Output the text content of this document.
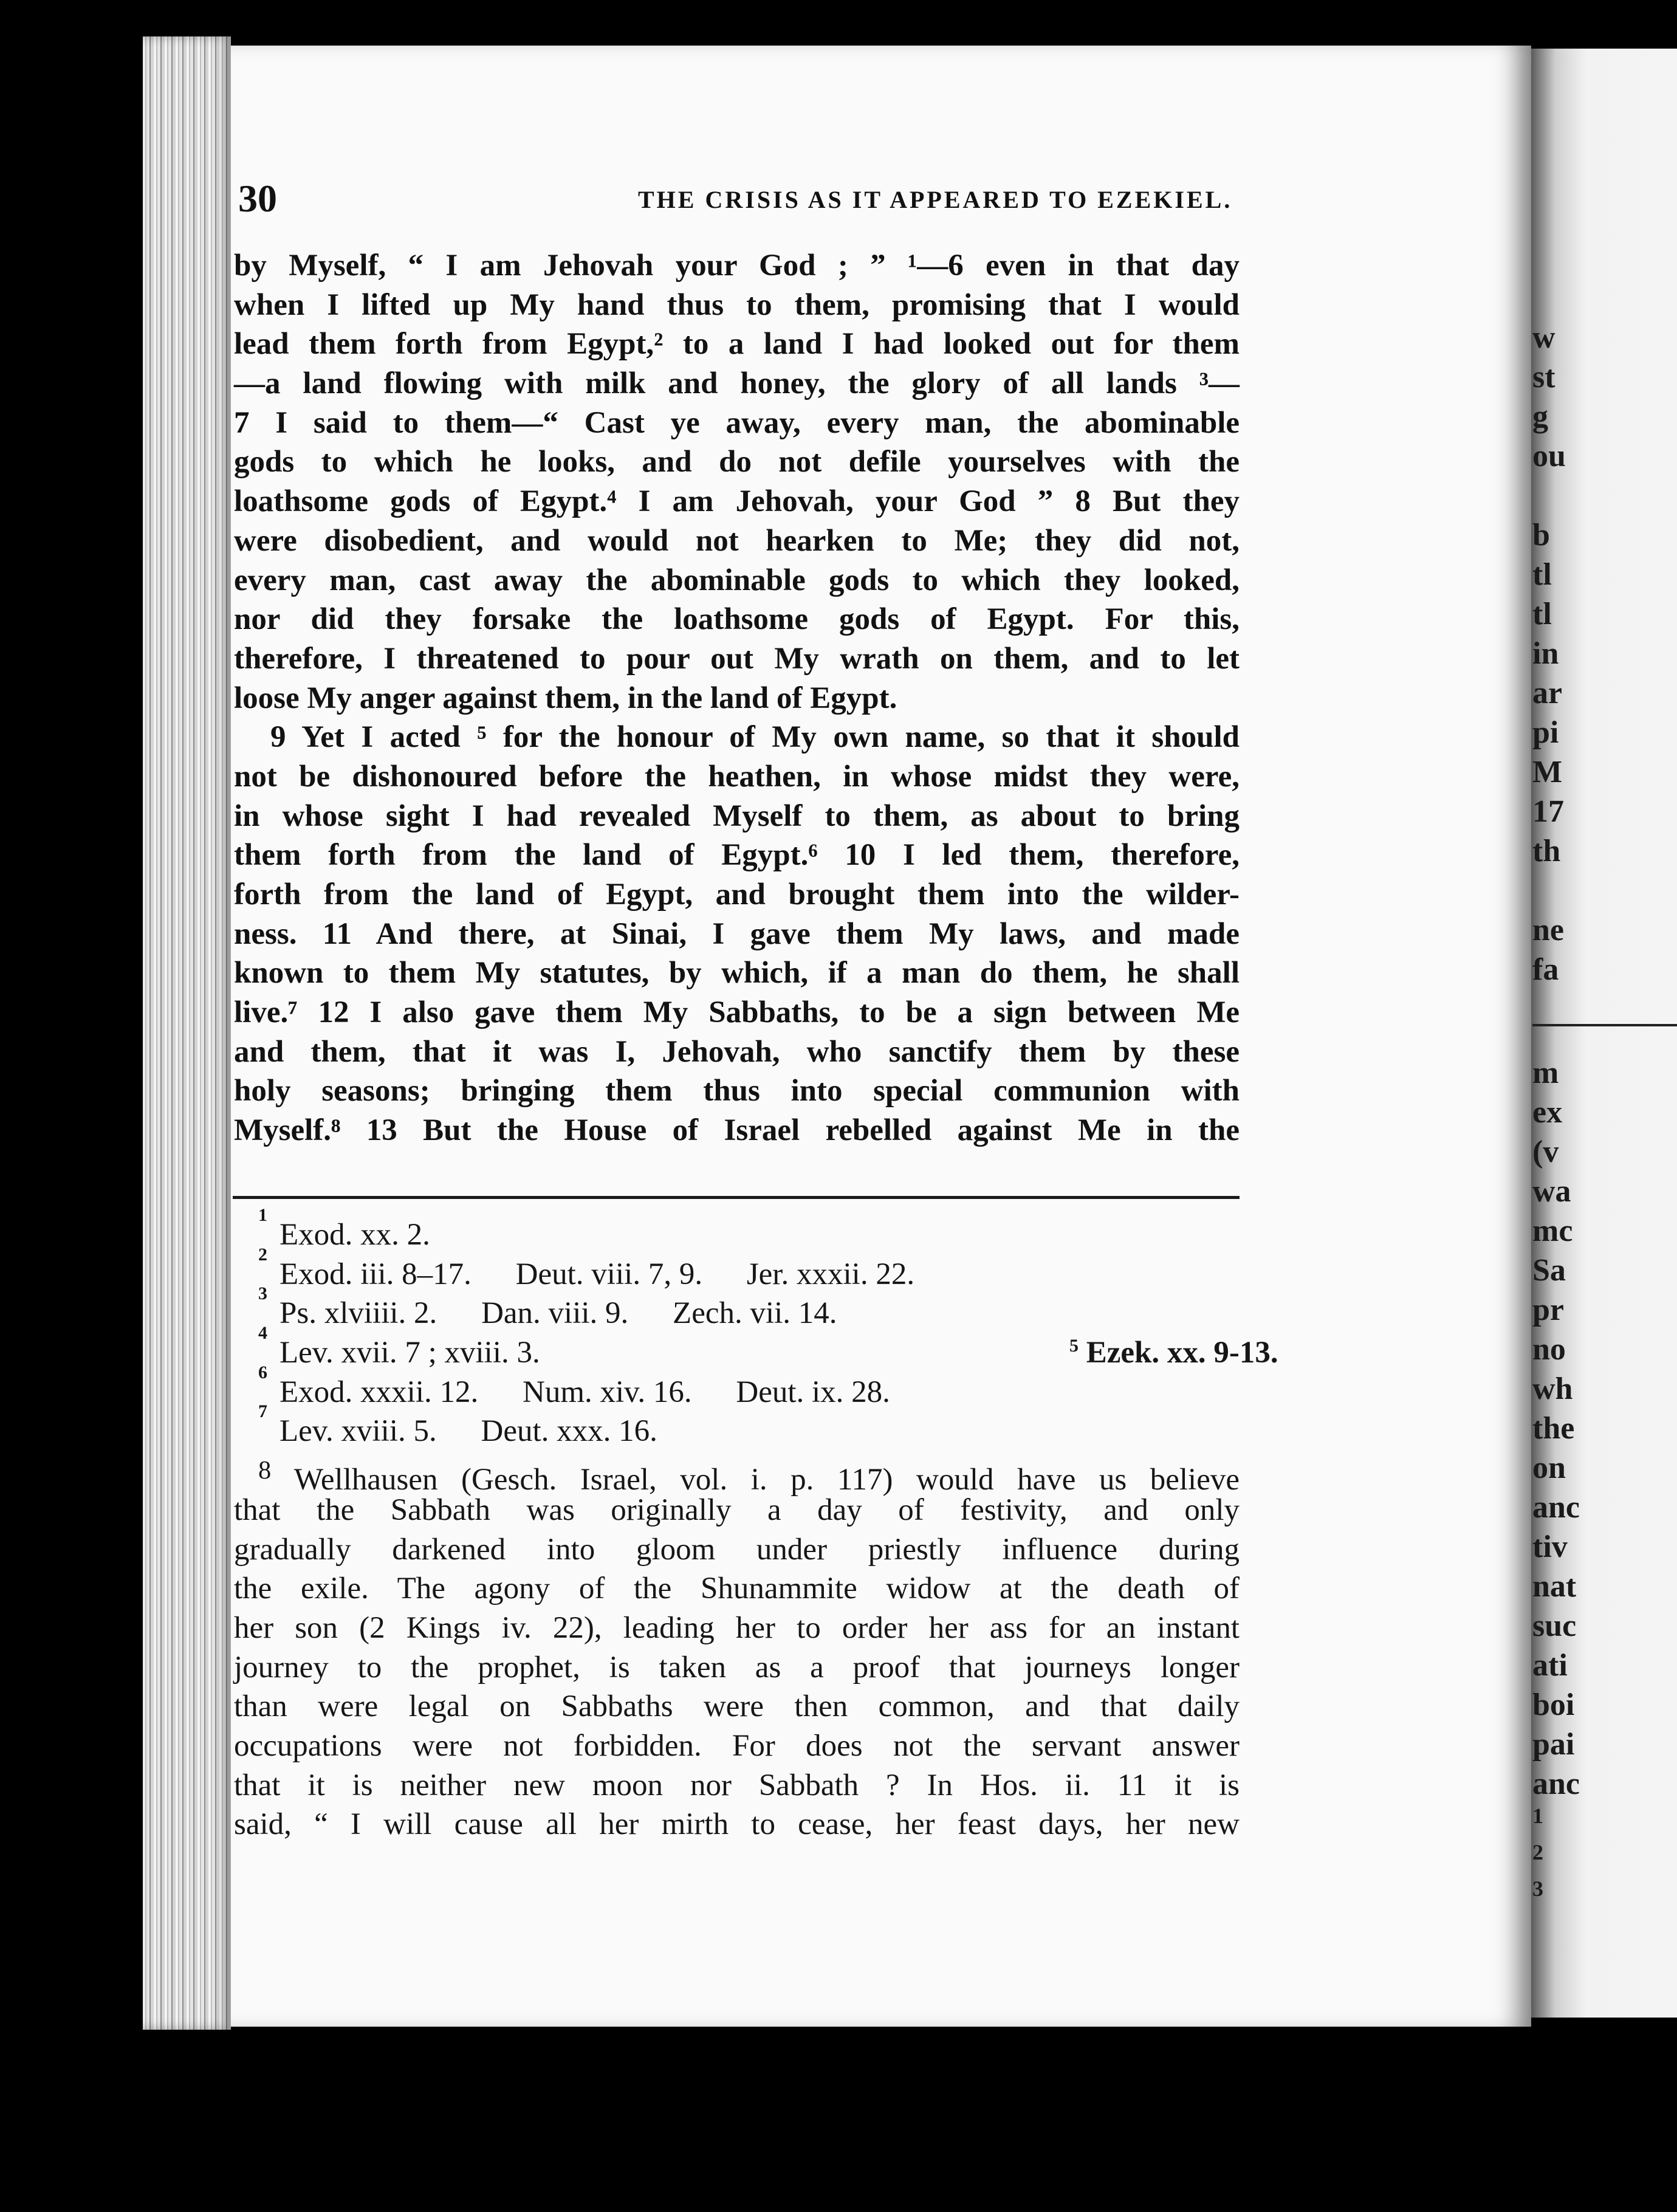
w
st
g
ou
b
tl
tl
in
ar
pi
M
17
th
ne
fa
m
ex
(v
wa
mc
Sa
pr
no
wh
the
on
anc
tiv
nat
suc
ati
boi
pai
anc
1
2
3
30	THE CRISIS AS IT APPEARED TO EZEKIEL.
by Myself, “ I am Jehovah your God ; ” ¹—6 even in that day
when I lifted up My hand thus to them, promising that I would
lead them forth from Egypt,² to a land I had looked out for them
—a land flowing with milk and honey, the glory of all lands ³—
7 I said to them—“ Cast ye away, every man, the abominable
gods to which he looks, and do not defile yourselves with the
loathsome gods of Egypt.⁴ I am Jehovah, your God ” 8 But they
were disobedient, and would not hearken to Me; they did not,
every man, cast away the abominable gods to which they looked,
nor did they forsake the loathsome gods of Egypt. For this,
therefore, I threatened to pour out My wrath on them, and to let
loose My anger against them, in the land of Egypt.
9 Yet I acted ⁵ for the honour of My own name, so that it should
not be dishonoured before the heathen, in whose midst they were,
in whose sight I had revealed Myself to them, as about to bring
them forth from the land of Egypt.⁶ 10 I led them, therefore,
forth from the land of Egypt, and brought them into the wilder-
ness. 11 And there, at Sinai, I gave them My laws, and made
known to them My statutes, by which, if a man do them, he shall
live.⁷ 12 I also gave them My Sabbaths, to be a sign between Me
and them, that it was I, Jehovah, who sanctify them by these
holy seasons; bringing them thus into special communion with
Myself.⁸ 13 But the House of Israel rebelled against Me in the
1
Exod. xx. 2.
2
Exod. iii. 8–17. Deut. viii. 7, 9. Jer. xxxii. 22.
3
Ps. xlviiii. 2. Dan. viii. 9. Zech. vii. 14.
4
Lev. xvii. 7 ; xviii. 3.	$^5$ Ezek. xx. 9-13.
6
Exod. xxxii. 12. Num. xiv. 16. Deut. ix. 28.
7
Lev. xviii. 5. Deut. xxx. 16.
$^8$ Wellhausen (Gesch. Israel, vol. i. p. 117) would have us believe
that the Sabbath was originally a day of festivity, and only
gradually darkened into gloom under priestly influence during
the exile. The agony of the Shunammite widow at the death of
her son (2 Kings iv. 22), leading her to order her ass for an instant
journey to the prophet, is taken as a proof that journeys longer
than were legal on Sabbaths were then common, and that daily
occupations were not forbidden. For does not the servant answer
that it is neither new moon nor Sabbath ? In Hos. ii. 11 it is
said, “ I will cause all her mirth to cease, her feast days, her new
